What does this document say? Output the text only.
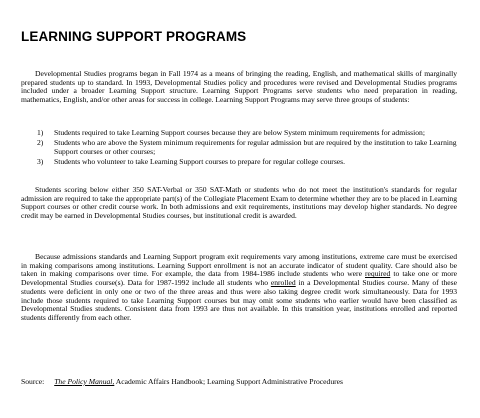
LEARNING SUPPORT PROGRAMS

Developmental Studies programs began in Fall 1974 as a means of bringing the reading, English, and mathematical skills of marginally prepared students up to standard. In 1993, Developmental Studies policy and procedures were revised and Developmental Studies programs included under a broader Learning Support structure. Learning Support Programs serve students who need preparation in reading, mathematics, English, and/or other areas for success in college. Learning Support Programs may serve three groups of students:

1) Students required to take Learning Support courses because they are below System minimum requirements for admission;
2) Students who are above the System minimum requirements for regular admission but are required by the institution to take Learning Support courses or other courses;
3) Students who volunteer to take Learning Support courses to prepare for regular college courses.

Students scoring below either 350 SAT-Verbal or 350 SAT-Math or students who do not meet the institution's standards for regular admission are required to take the appropriate part(s) of the Collegiate Placement Exam to determine whether they are to be placed in Learning Support courses or other credit course work. In both admissions and exit requirements, institutions may develop higher standards. No degree credit may be earned in Developmental Studies courses, but institutional credit is awarded.

Because admissions standards and Learning Support program exit requirements vary among institutions, extreme care must be exercised in making comparisons among institutions. Learning Support enrollment is not an accurate indicator of student quality. Care should also be taken in making comparisons over time. For example, the data from 1984-1986 include students who were required to take one or more Developmental Studies course(s). Data for 1987-1992 include all students who enrolled in a Developmental Studies course. Many of these students were deficient in only one or two of the three areas and thus were also taking degree credit work simultaneously. Data for 1993 include those students required to take Learning Support courses but may omit some students who earlier would have been classified as Developmental Studies students. Consistent data from 1993 are thus not available. In this transition year, institutions enrolled and reported students differently from each other.

Source: The Policy Manual, Academic Affairs Handbook; Learning Support Administrative Procedures
